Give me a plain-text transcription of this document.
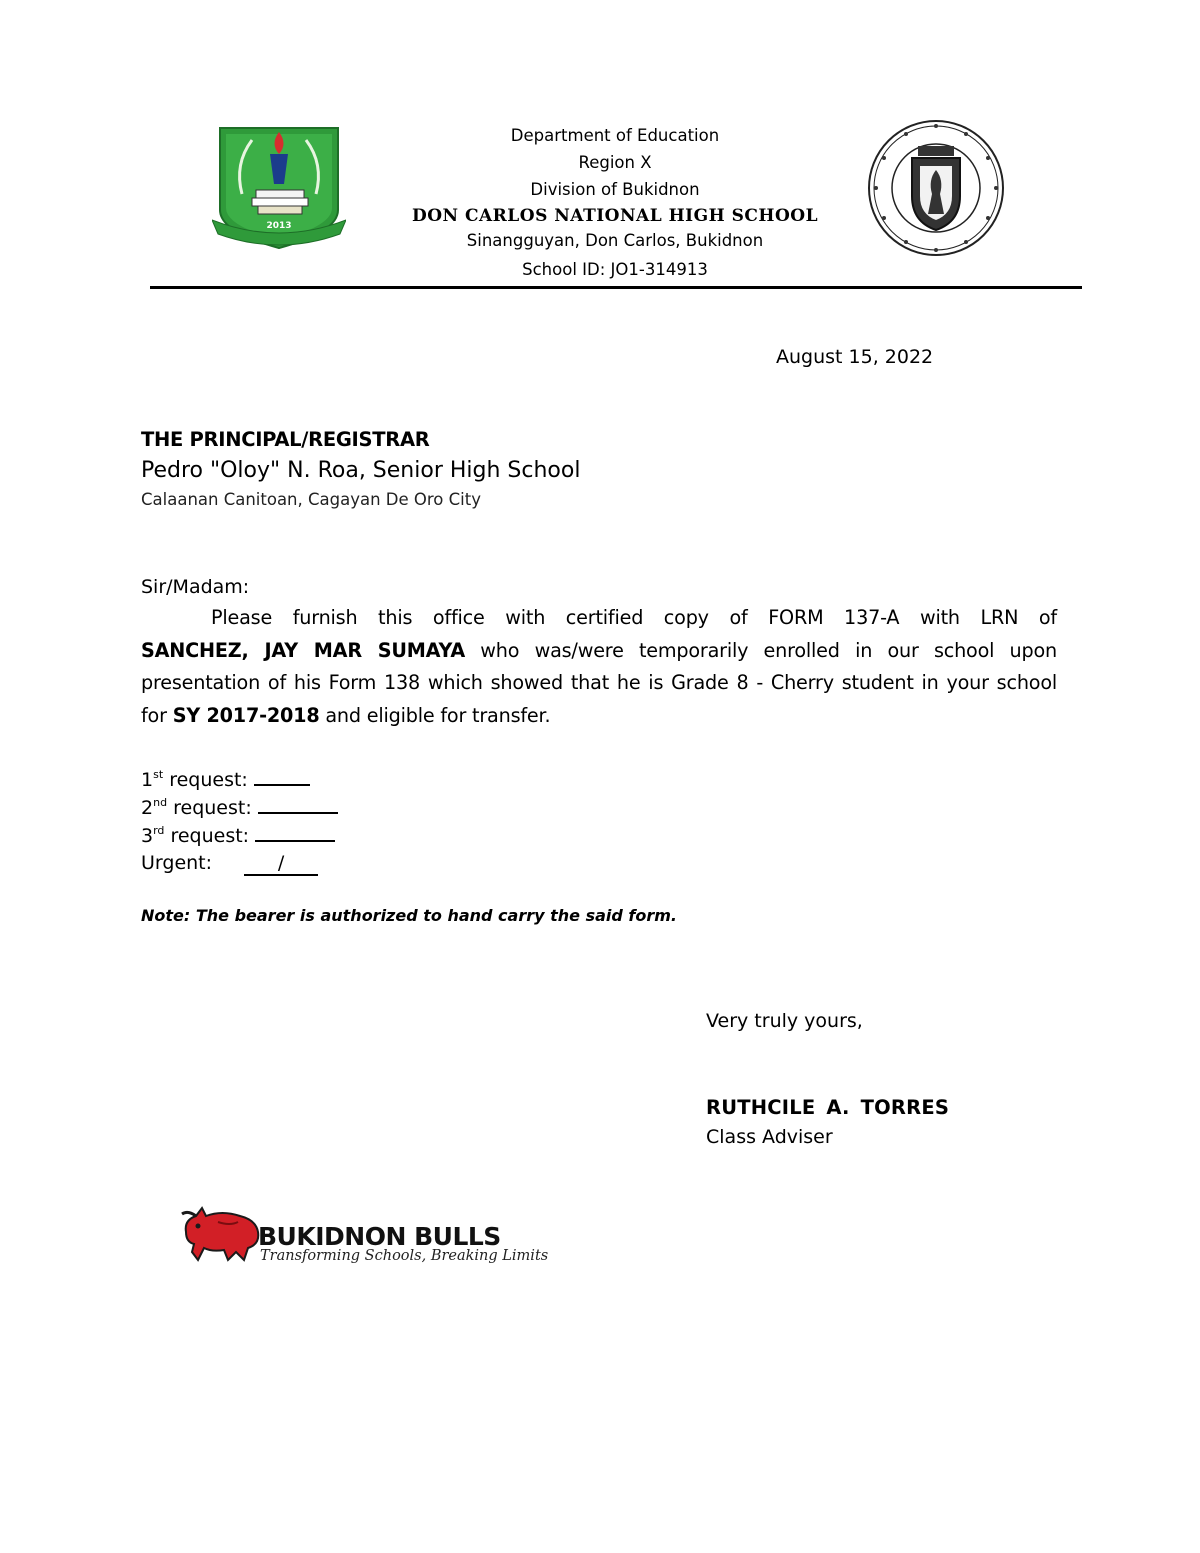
2013
Department of Education
Region X
Division of Bukidnon
DON CARLOS NATIONAL HIGH SCHOOL
Sinangguyan, Don Carlos, Bukidnon
School ID: JO1-314913
August 15, 2022
THE PRINCIPAL/REGISTRAR
Pedro "Oloy" N. Roa, Senior High School
Calaanan Canitoan, Cagayan De Oro City
Sir/Madam:
Please furnish this office with certified copy of FORM 137-A with LRN of
SANCHEZ, JAY MAR SUMAYA who was/were temporarily enrolled in our school upon
presentation of his Form 138 which showed that he is Grade 8 - Cherry student in your school
for SY 2017-2018 and eligible for transfer.
1st request:
2nd request:
3rd request:
Urgent:	/
Note: The bearer is authorized to hand carry the said form.
Very truly yours,
RUTHCILE A. TORRES
Class Adviser
BUKIDNON BULLS
Transforming Schools, Breaking Limits
